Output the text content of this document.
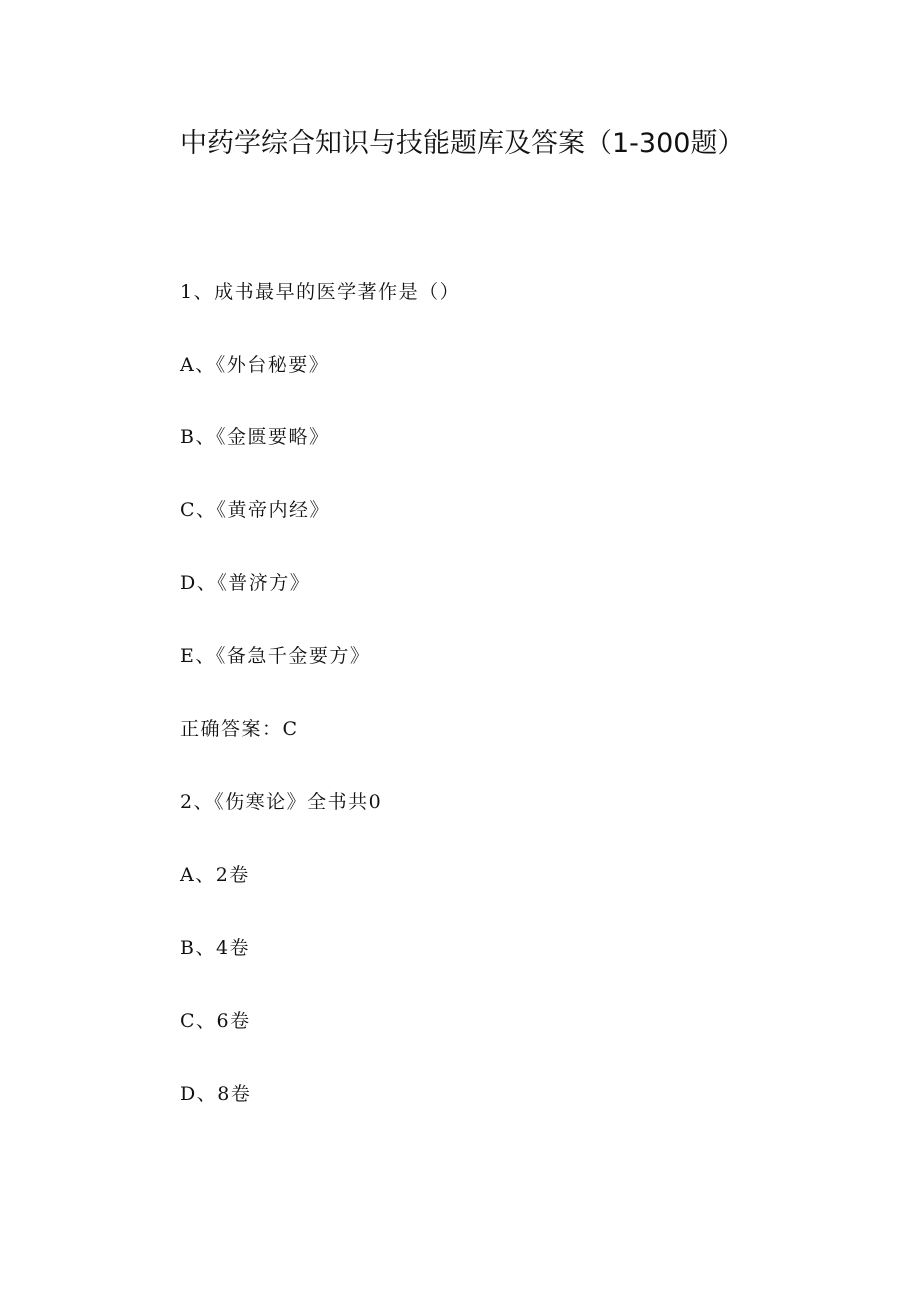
中药学综合知识与技能题库及答案（1-300题）
1、成书最早的医学著作是（）
A、《外台秘要》
B、《金匮要略》
C、《黄帝内经》
D、《普济方》
E、《备急千金要方》
正确答案：C
2、《伤寒论》全书共0
A、2卷
B、4卷
C、6卷
D、8卷
